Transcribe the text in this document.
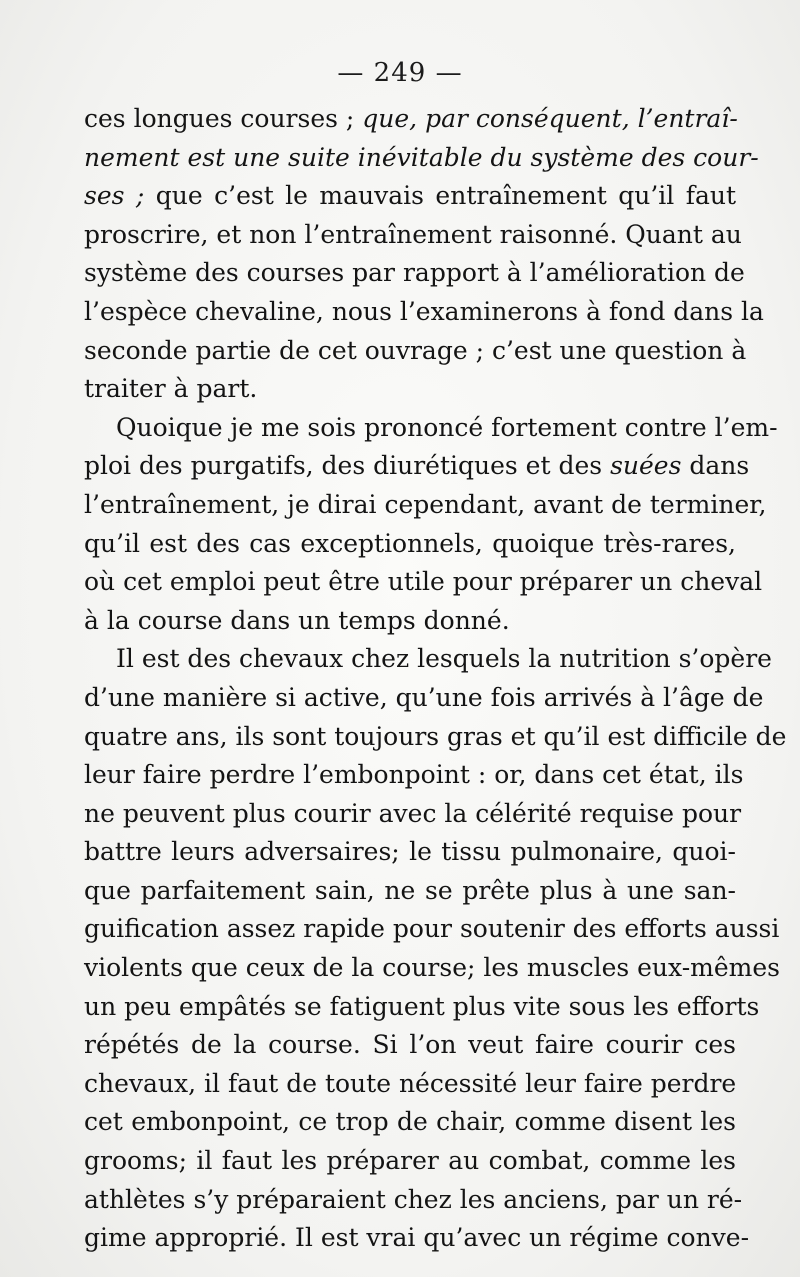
— 249 —
ces longues courses ; que, par conséquent, l’entraî-
nement est une suite inévitable du système des cour-
ses ; que c’est le mauvais entraînement qu’il faut
proscrire, et non l’entraînement raisonné. Quant au
système des courses par rapport à l’amélioration de
l’espèce chevaline, nous l’examinerons à fond dans la
seconde partie de cet ouvrage ; c’est une question à
traiter à part.
Quoique je me sois prononcé fortement contre l’em-
ploi des purgatifs, des diurétiques et des suées dans
l’entraînement, je dirai cependant, avant de terminer,
qu’il est des cas exceptionnels, quoique très-rares,
où cet emploi peut être utile pour préparer un cheval
à la course dans un temps donné.
Il est des chevaux chez lesquels la nutrition s’opère
d’une manière si active, qu’une fois arrivés à l’âge de
quatre ans, ils sont toujours gras et qu’il est difficile de
leur faire perdre l’embonpoint : or, dans cet état, ils
ne peuvent plus courir avec la célérité requise pour
battre leurs adversaires; le tissu pulmonaire, quoi-
que parfaitement sain, ne se prête plus à une san-
guification assez rapide pour soutenir des efforts aussi
violents que ceux de la course; les muscles eux-mêmes
un peu empâtés se fatiguent plus vite sous les efforts
répétés de la course. Si l’on veut faire courir ces
chevaux, il faut de toute nécessité leur faire perdre
cet embonpoint, ce trop de chair, comme disent les
grooms; il faut les préparer au combat, comme les
athlètes s’y préparaient chez les anciens, par un ré-
gime approprié. Il est vrai qu’avec un régime conve-
